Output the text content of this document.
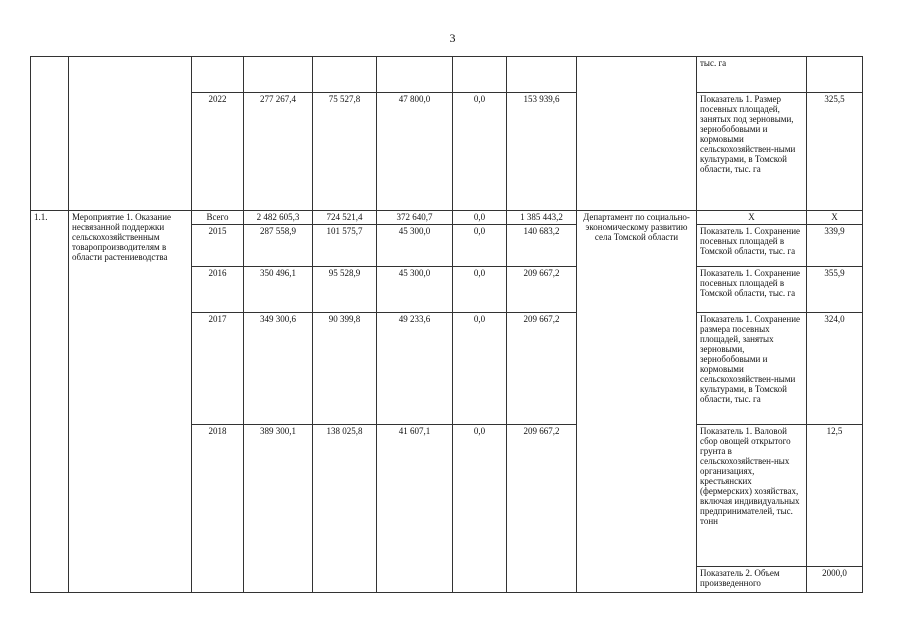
3
									тыс. га	
		2022	277 267,4	75 527,8	47 800,0	0,0	153 939,6		Показатель 1. Размер посевных площадей, занятых под зерновыми, зернобобовыми и кормовыми сельскохозяйствен-ными культурами, в Томской области, тыс. га	325,5
1.1.	Мероприятие 1. Оказание несвязанной поддержки сельскохозяйственным товаропроизводителям в области растениеводства	Всего	2 482 605,3	724 521,4	372 640,7	0,0	1 385 443,2	Департамент по социально-экономическому развитию села Томской области	Х	Х
		2015	287 558,9	101 575,7	45 300,0	0,0	140 683,2		Показатель 1. Сохранение посевных площадей в Томской области, тыс. га	339,9
		2016	350 496,1	95 528,9	45 300,0	0,0	209 667,2		Показатель 1. Сохранение посевных площадей в Томской области, тыс. га	355,9
		2017	349 300,6	90 399,8	49 233,6	0,0	209 667,2		Показатель 1. Сохранение размера посевных площадей, занятых зерновыми, зернобобовыми и кормовыми сельскохозяйствен-ными культурами, в Томской области, тыс. га	324,0
		2018	389 300,1	138 025,8	41 607,1	0,0	209 667,2		Показатель 1. Валовой сбор овощей открытого грунта в сельскохозяйствен-ных организациях, крестьянских (фермерских) хозяйствах, включая индивидуальных предпринимателей, тыс. тонн	12,5
									Показатель 2. Объем произведенного	2000,0
